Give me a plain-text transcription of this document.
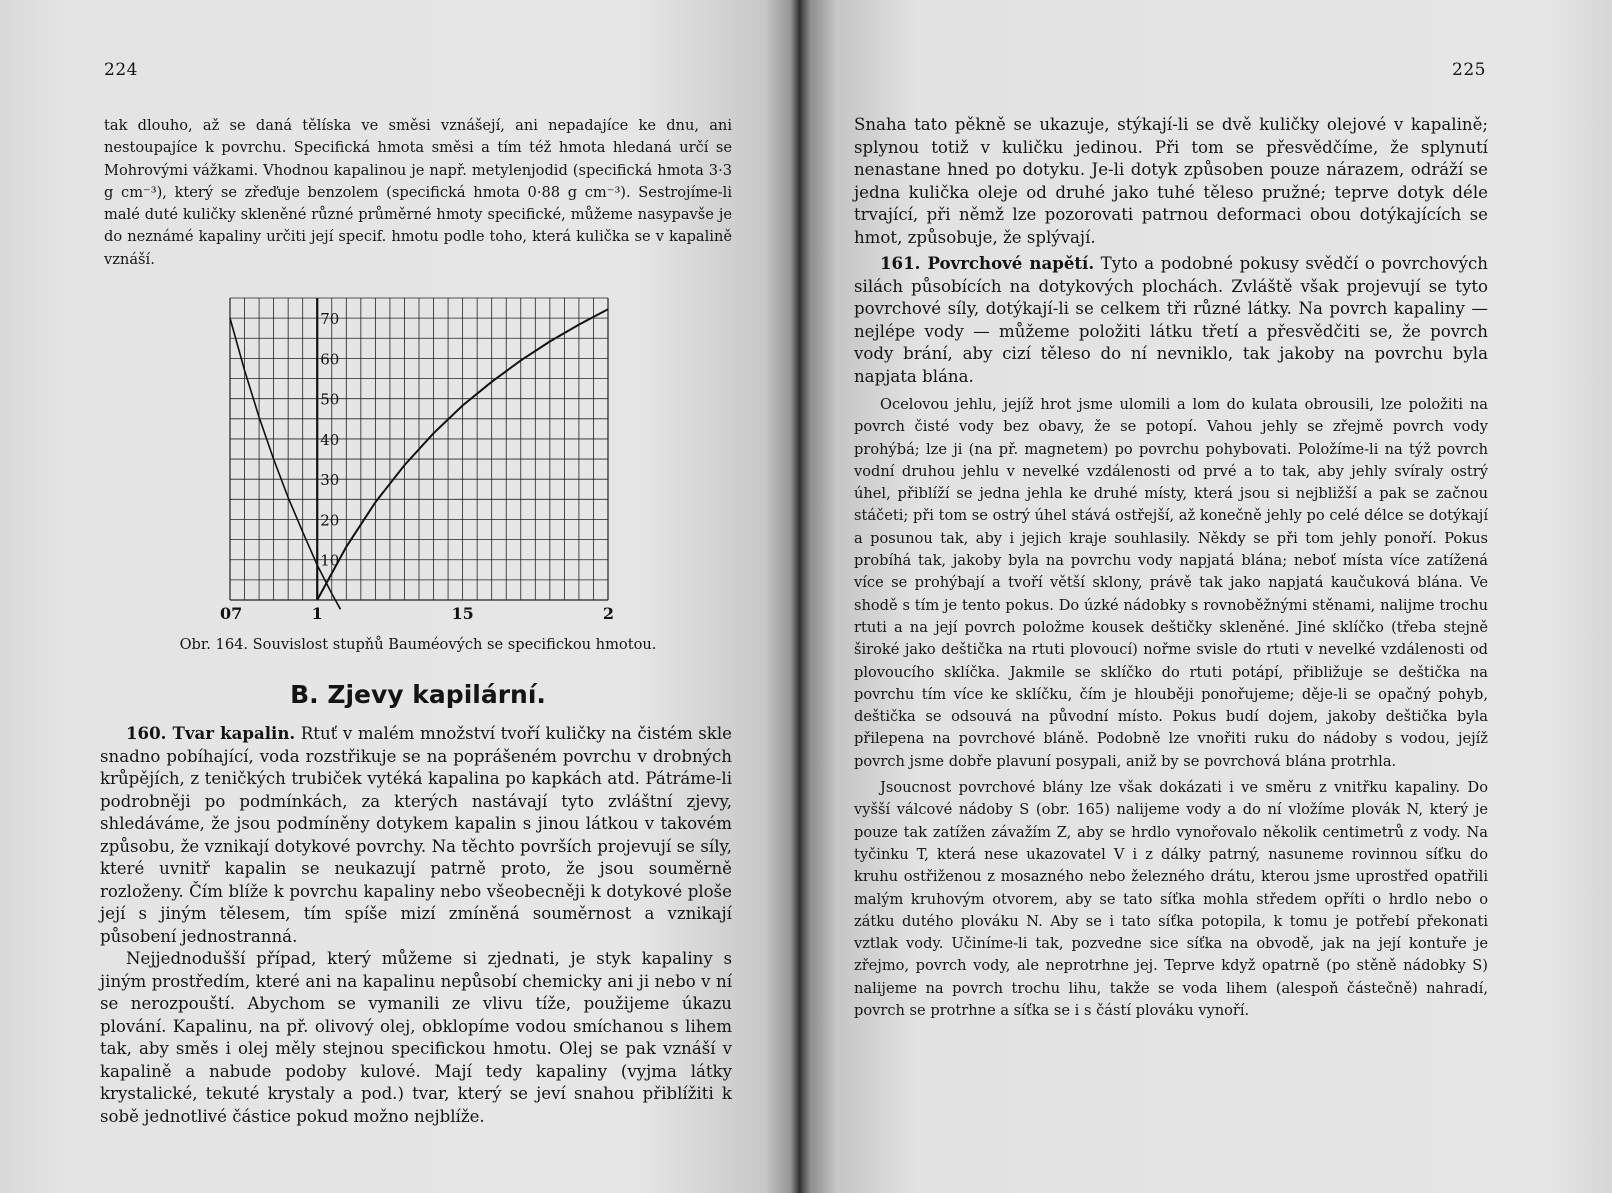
224

tak dlouho, až se daná tělíska ve směsi vznášejí, ani nepadajíce ke dnu, ani nestoupajíce k povrchu. Specifická hmota směsi a tím též hmota hledaná určí se Mohrovými vážkami. Vhodnou kapalinou je např. metylenjodid (specifická hmota 3·3 g cm⁻³), který se zřeďuje benzolem (specifická hmota 0·88 g cm⁻³). Sestrojíme-li malé duté kuličky skleněné různé průměrné hmoty specifické, můžeme nasypavše je do neznámé kapaliny určiti její specif. hmotu podle toho, která kulička se v kapalině vznáší.

10
20
30
40
50
60
70
07	1	15	2
Obr. 164. Souvislost stupňů Bauméových se specifickou hmotou.
B. Zjevy kapilární.

160. Tvar kapalin. Rtuť v malém množství tvoří kuličky na čistém skle snadno pobíhající, voda rozstřikuje se na poprášeném povrchu v drobných krůpějích, z teničkých trubiček vytéká kapalina po kapkách atd. Pátráme-li podrobněji po podmínkách, za kterých nastávají tyto zvláštní zjevy, shledáváme, že jsou podmíněny dotykem kapalin s jinou látkou v takovém způsobu, že vznikají dotykové povrchy. Na těchto površích projevují se síly, které uvnitř kapalin se neukazují patrně proto, že jsou souměrně rozloženy. Čím blíže k povrchu kapaliny nebo všeobecněji k dotykové ploše její s jiným tělesem, tím spíše mizí zmíněná souměrnost a vznikají působení jednostranná.

Nejjednodušší případ, který můžeme si zjednati, je styk kapaliny s jiným prostředím, které ani na kapalinu nepůsobí chemicky ani ji nebo v ní se nerozpouští. Abychom se vymanili ze vlivu tíže, použijeme úkazu plování. Kapalinu, na př. olivový olej, obklopíme vodou smíchanou s lihem tak, aby směs i olej měly stejnou specifickou hmotu. Olej se pak vznáší v kapalině a nabude podoby kulové. Mají tedy kapaliny (vyjma látky krystalické, tekuté krystaly a pod.) tvar, který se jeví snahou přiblížiti k sobě jednotlivé částice pokud možno nejblíže.

225

Snaha tato pěkně se ukazuje, stýkají-li se dvě kuličky olejové v kapalině; splynou totiž v kuličku jedinou. Při tom se přesvědčíme, že splynutí nenastane hned po dotyku. Je-li dotyk způsoben pouze nárazem, odráží se jedna kulička oleje od druhé jako tuhé těleso pružné; teprve dotyk déle trvající, při němž lze pozorovati patrnou deformaci obou dotýkajících se hmot, způsobuje, že splývají.

161. Povrchové napětí. Tyto a podobné pokusy svědčí o povrchových silách působících na dotykových plochách. Zvláště však projevují se tyto povrchové síly, dotýkají-li se celkem tři různé látky. Na povrch kapaliny — nejlépe vody — můžeme položiti látku třetí a přesvědčiti se, že povrch vody brání, aby cizí těleso do ní nevniklo, tak jakoby na povrchu byla napjata blána.

Ocelovou jehlu, jejíž hrot jsme ulomili a lom do kulata obrousili, lze položiti na povrch čisté vody bez obavy, že se potopí. Vahou jehly se zřejmě povrch vody prohýbá; lze ji (na př. magnetem) po povrchu pohybovati. Položíme-li na týž povrch vodní druhou jehlu v nevelké vzdálenosti od prvé a to tak, aby jehly svíraly ostrý úhel, přiblíží se jedna jehla ke druhé místy, která jsou si nejbližší a pak se začnou stáčeti; při tom se ostrý úhel stává ostřejší, až konečně jehly po celé délce se dotýkají a posunou tak, aby i jejich kraje souhlasily. Někdy se při tom jehly ponoří. Pokus probíhá tak, jakoby byla na povrchu vody napjatá blána; neboť místa více zatížená více se prohýbají a tvoří větší sklony, právě tak jako napjatá kaučuková blána. Ve shodě s tím je tento pokus. Do úzké nádobky s rovnoběžnými stěnami, nalijme trochu rtuti a na její povrch položme kousek deštičky skleněné. Jiné sklíčko (třeba stejně široké jako deštička na rtuti plovoucí) nořme svisle do rtuti v nevelké vzdálenosti od plovoucího sklíčka. Jakmile se sklíčko do rtuti potápí, přibližuje se deštička na povrchu tím více ke sklíčku, čím je hlouběji ponořujeme; děje-li se opačný pohyb, deštička se odsouvá na původní místo. Pokus budí dojem, jakoby deštička byla přilepena na povrchové bláně. Podobně lze vnořiti ruku do nádoby s vodou, jejíž povrch jsme dobře plavuní posypali, aniž by se povrchová blána protrhla.

Jsoucnost povrchové blány lze však dokázati i ve směru z vnitřku kapaliny. Do vyšší válcové nádoby S (obr. 165) nalijeme vody a do ní vložíme plovák N, který je pouze tak zatížen závažím Z, aby se hrdlo vynořovalo několik centimetrů z vody. Na tyčinku T, která nese ukazovatel V i z dálky patrný, nasuneme rovinnou síťku do kruhu ostřiženou z mosazného nebo železného drátu, kterou jsme uprostřed opatřili malým kruhovým otvorem, aby se tato síťka mohla středem opříti o hrdlo nebo o zátku dutého plováku N. Aby se i tato síťka potopila, k tomu je potřebí překonati vztlak vody. Učiníme-li tak, pozvedne sice síťka na obvodě, jak na její kontuře je zřejmo, povrch vody, ale neprotrhne jej. Teprve když opatrně (po stěně nádobky S) nalijeme na povrch trochu lihu, takže se voda lihem (alespoň částečně) nahradí, povrch se protrhne a síťka se i s částí plováku vynoří.
